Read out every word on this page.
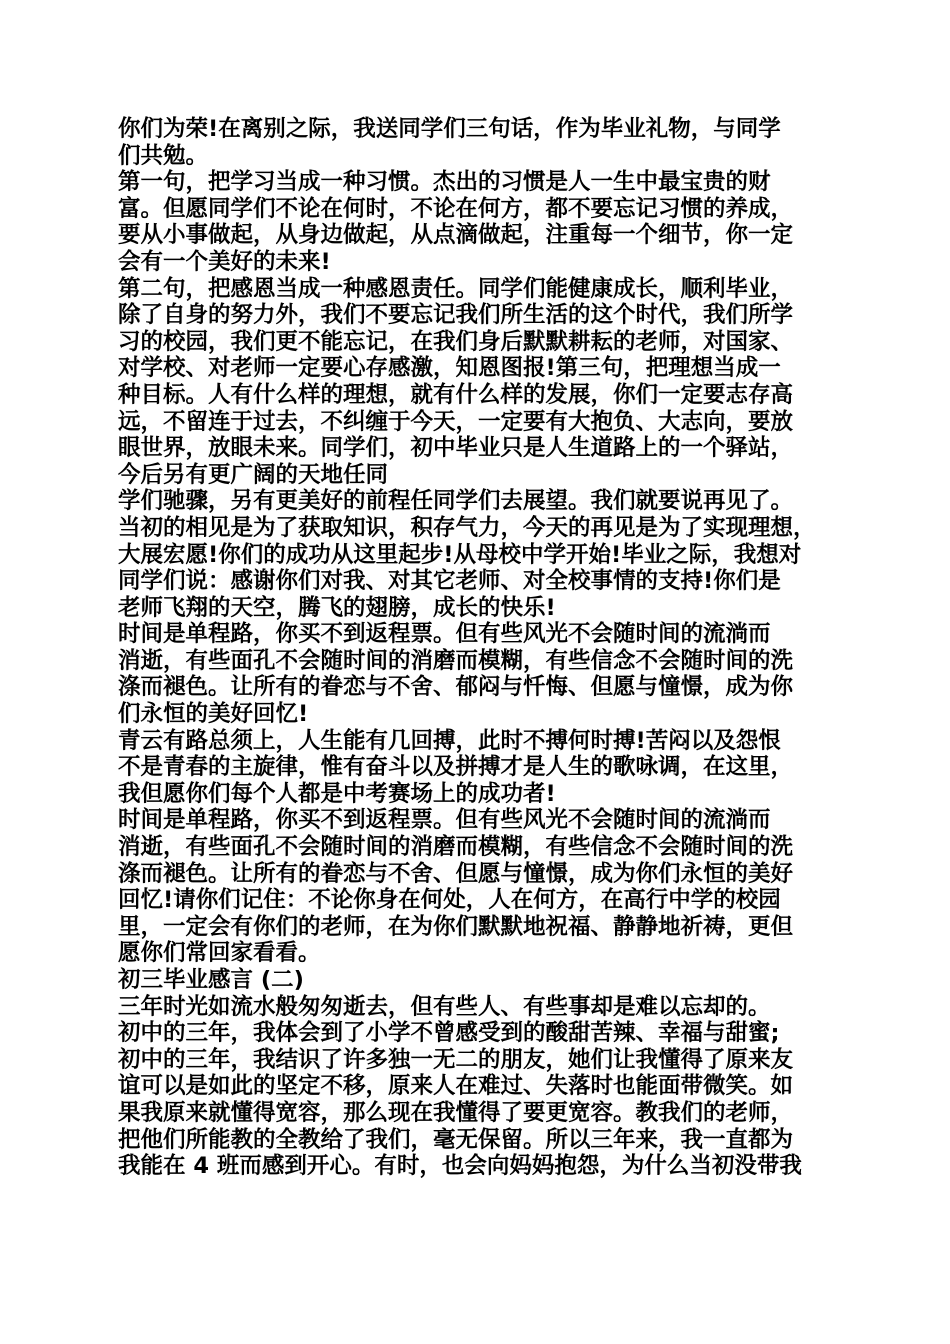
你们为荣!在离别之际，我送同学们三句话，作为毕业礼物，与同学
们共勉。
第一句，把学习当成一种习惯。杰出的习惯是人一生中最宝贵的财
富。但愿同学们不论在何时，不论在何方，都不要忘记习惯的养成，
要从小事做起，从身边做起，从点滴做起，注重每一个细节，你一定
会有一个美好的未来!
第二句，把感恩当成一种感恩责任。同学们能健康成长，顺利毕业，
除了自身的努力外，我们不要忘记我们所生活的这个时代，我们所学
习的校园，我们更不能忘记，在我们身后默默耕耘的老师，对国家、
对学校、对老师一定要心存感激，知恩图报!第三句，把理想当成一
种目标。人有什么样的理想，就有什么样的发展，你们一定要志存高
远，不留连于过去，不纠缠于今天，一定要有大抱负、大志向，要放
眼世界，放眼未来。同学们，初中毕业只是人生道路上的一个驿站，
今后另有更广阔的天地任同
学们驰骤，另有更美好的前程任同学们去展望。我们就要说再见了。
当初的相见是为了获取知识，积存气力，今天的再见是为了实现理想，
大展宏愿!你们的成功从这里起步!从母校中学开始!毕业之际，我想对
同学们说：感谢你们对我、对其它老师、对全校事情的支持!你们是
老师飞翔的天空，腾飞的翅膀，成长的快乐!
时间是单程路，你买不到返程票。但有些风光不会随时间的流淌而
消逝，有些面孔不会随时间的消磨而模糊，有些信念不会随时间的洗
涤而褪色。让所有的眷恋与不舍、郁闷与忏悔、但愿与憧憬，成为你
们永恒的美好回忆!
青云有路总须上，人生能有几回搏，此时不搏何时搏!苦闷以及怨恨
不是青春的主旋律，惟有奋斗以及拼搏才是人生的歌咏调，在这里，
我但愿你们每个人都是中考赛场上的成功者!
时间是单程路，你买不到返程票。但有些风光不会随时间的流淌而
消逝，有些面孔不会随时间的消磨而模糊，有些信念不会随时间的洗
涤而褪色。让所有的眷恋与不舍、但愿与憧憬，成为你们永恒的美好
回忆!请你们记住：不论你身在何处，人在何方，在高行中学的校园
里，一定会有你们的老师，在为你们默默地祝福、静静地祈祷，更但
愿你们常回家看看。
初三毕业感言 (二)
三年时光如流水般匆匆逝去，但有些人、有些事却是难以忘却的。
初中的三年，我体会到了小学不曾感受到的酸甜苦辣、幸福与甜蜜;
初中的三年，我结识了许多独一无二的朋友，她们让我懂得了原来友
谊可以是如此的坚定不移，原来人在难过、失落时也能面带微笑。如
果我原来就懂得宽容，那么现在我懂得了要更宽容。教我们的老师，
把他们所能教的全教给了我们，毫无保留。所以三年来，我一直都为
我能在 4 班而感到开心。有时，也会向妈妈抱怨，为什么当初没带我
